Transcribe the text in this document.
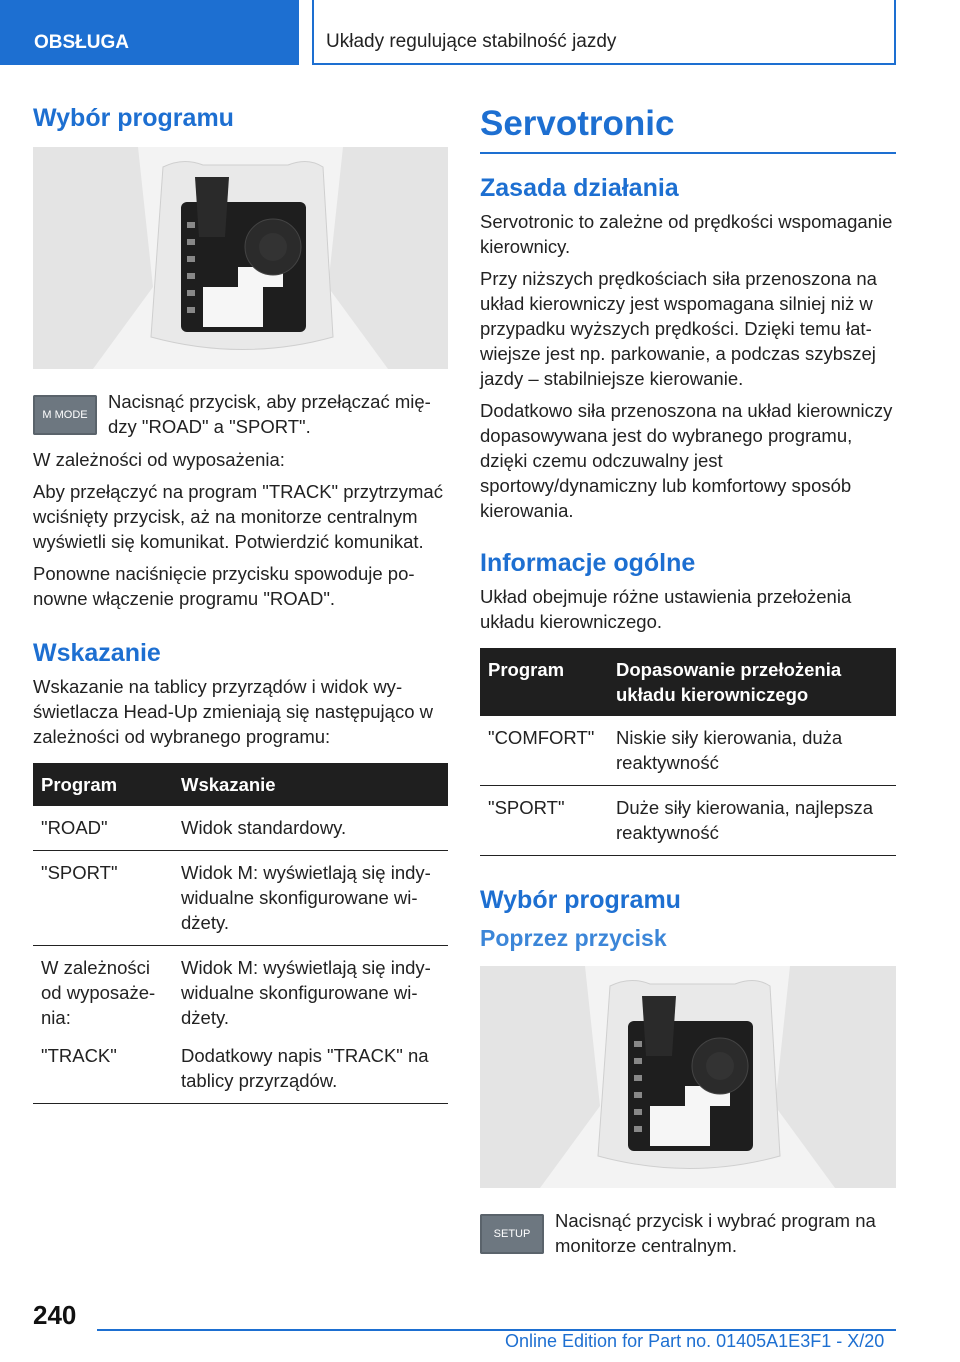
OBSŁUGA	Układy regulujące stabilność jazdy
Wybór programu
M MODE

Nacisnąć przycisk, aby przełączać między "ROAD" a "SPORT".

W zależności od wyposażenia:

Aby przełączyć na program "TRACK" przytrzymać wciśnięty przycisk, aż na monitorze centralnym wyświetli się komunikat. Potwierdzić komunikat.

Ponowne naciśnięcie przycisku spowoduje ponowne włączenie programu "ROAD".

Wskazanie

Wskazanie na tablicy przyrządów i widok wyświetlacza Head-Up zmieniają się następująco w zależności od wybranego programu:

Program	Wskazanie
"ROAD"	Widok standardowy.
"SPORT"	Widok M: wyświetlają się indywidualne skonfigurowane widżety.
W zależności od wyposażenia:	Widok M: wyświetlają się indywidualne skonfigurowane widżety.
"TRACK"	Dodatkowy napis "TRACK" na tablicy przyrządów.
Servotronic
Zasada działania

Servotronic to zależne od prędkości wspomaganie kierownicy.

Przy niższych prędkościach siła przenoszona na układ kierowniczy jest wspomagana silniej niż w przypadku wyższych prędkości. Dzięki temu łatwiejsze jest np. parkowanie, a podczas szybszej jazdy – stabilniejsze kierowanie.

Dodatkowo siła przenoszona na układ kierowniczy dopasowywana jest do wybranego programu, dzięki czemu odczuwalny jest sportowy/dynamiczny lub komfortowy sposób kierowania.

Informacje ogólne

Układ obejmuje różne ustawienia przełożenia układu kierowniczego.

Program	Dopasowanie przełożenia układu kierowniczego
"COMFORT"	Niskie siły kierowania, duża reaktywność
"SPORT"	Duże siły kierowania, najlepsza reaktywność
Wybór programu
Poprzez przycisk
SETUP

Nacisnąć przycisk i wybrać program na monitorze centralnym.

240
Online Edition for Part no. 01405A1E3F1 - X/20
